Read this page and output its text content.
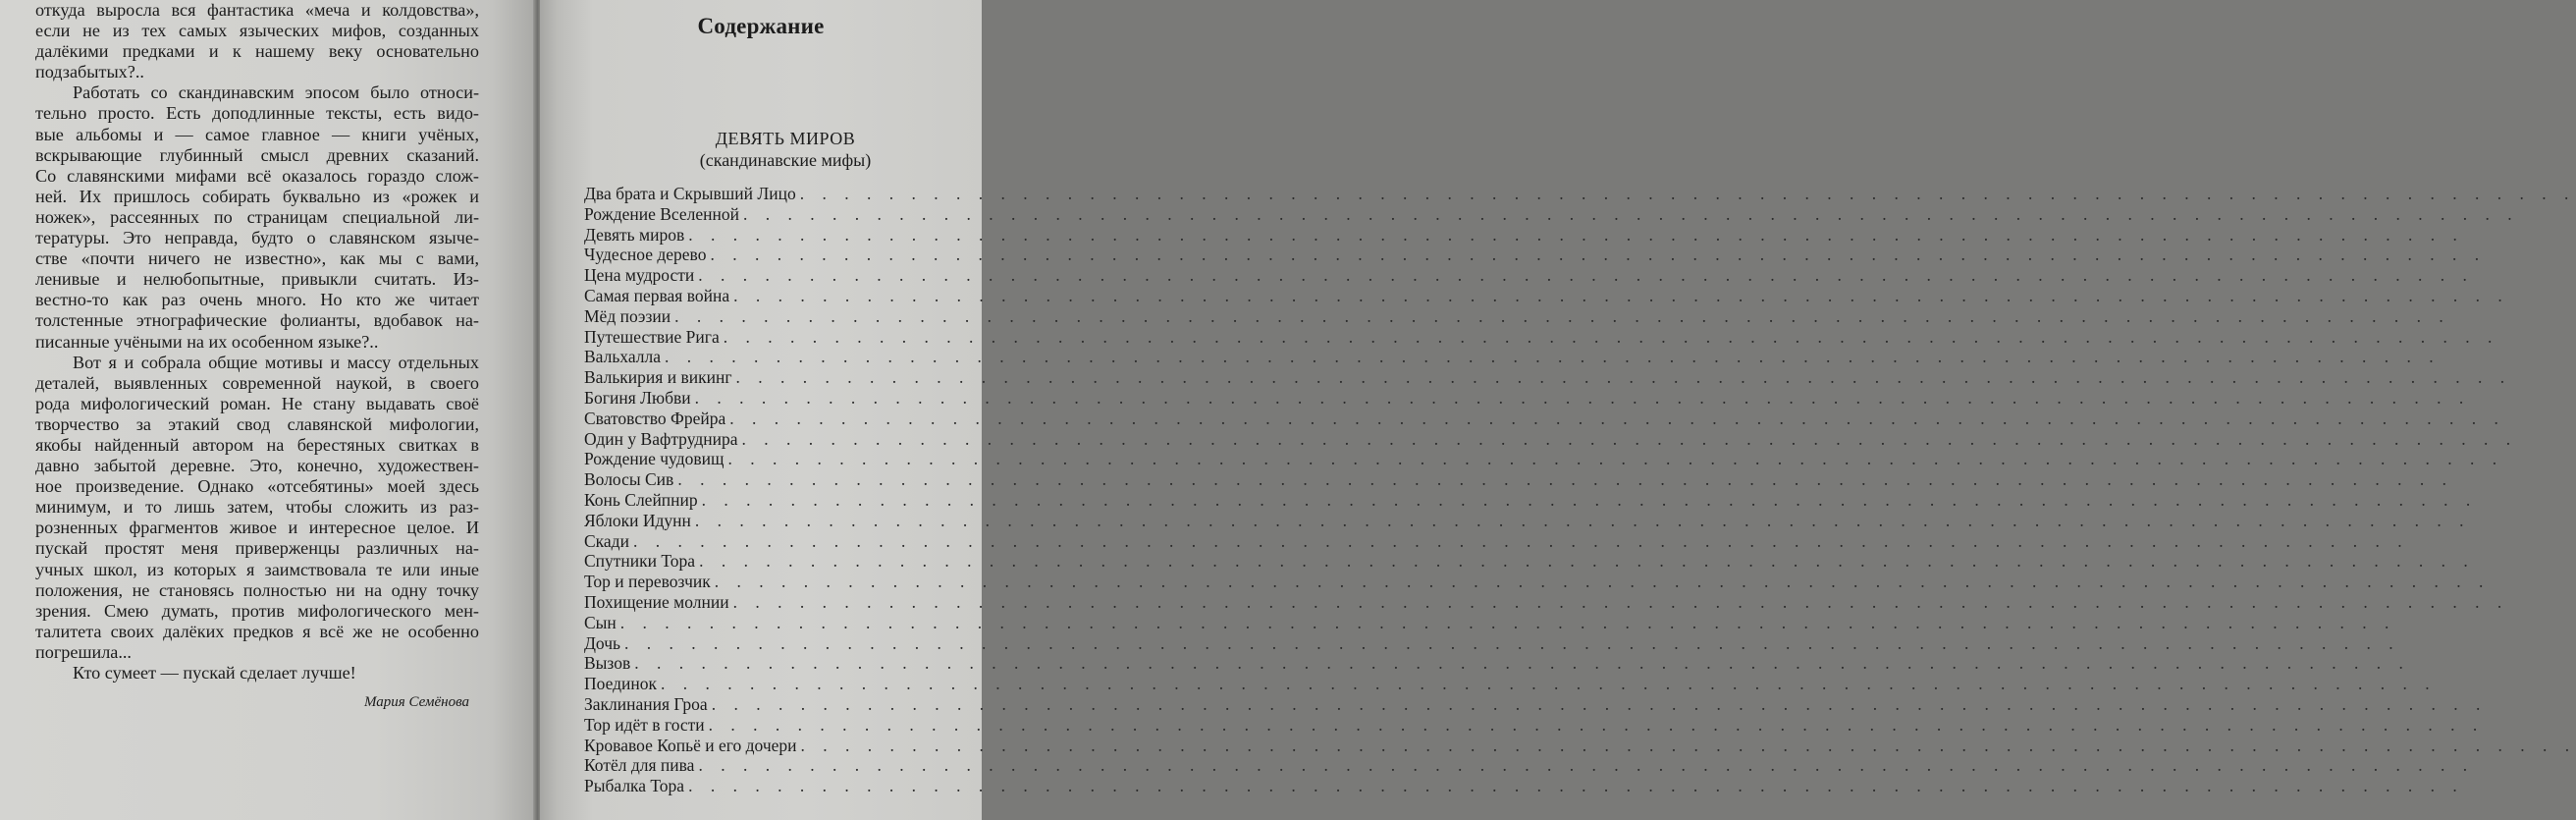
откуда выросла вся фантастика «меча и колдовства»,
если не из тех самых языческих мифов, созданных
далёкими предками и к нашему веку основательно
подзабытых?..
Работать со скандинавским эпосом было относи-
тельно просто. Есть доподлинные тексты, есть видо-
вые альбомы и — самое главное — книги учёных,
вскрывающие глубинный смысл древних сказаний.
Со славянскими мифами всё оказалось гораздо слож-
ней. Их пришлось собирать буквально из «рожек и
ножек», рассеянных по страницам специальной ли-
тературы. Это неправда, будто о славянском язычe-
стве «почти ничего не известно», как мы с вами,
ленивые и нелюбопытные, привыкли считать. Из-
вестно-то как раз очень много. Но кто же читает
толстенные этнографические фолианты, вдобавок на-
писанные учёными на их особенном языке?..
Вот я и собрала общие мотивы и массу отдельных
деталей, выявленных современной наукой, в своего
рода мифологический роман. Не стану выдавать своё
творчество за этакий свод славянской мифологии,
якобы найденный автором на берестяных свитках в
давно забытой деревне. Это, конечно, художествен-
ное произведение. Однако «отсебятины» моей здесь
минимум, и то лишь затем, чтобы сложить из раз-
розненных фрагментов живое и интересное целое. И
пускай простят меня приверженцы различных на-
учных школ, из которых я заимствовала те или иные
положения, не становясь полностью ни на одну точку
зрения. Смею думать, против мифологического мен-
талитета своих далёких предков я всё же не особенно
погрешила...
Кто сумеет — пускай сделает лучше!
Мария Семёнова
Содержание
ДЕВЯТЬ МИРОВ
(скандинавские мифы)
Два брата и Скрывший Лицо . . . . . . . . . . . . . . . . . . . . . . . . . . . . . . . . . . . . . . . . . . . . . . . . . . . . . . . . . . . . . . . . . . . . . . . . . . . . . . . .
Рождение Вселенной . . . . . . . . . . . . . . . . . . . . . . . . . . . . . . . . . . . . . . . . . . . . . . . . . . . . . . . . . . . . . . . . . . . . . . . . . . . . . . . .
Девять миров . . . . . . . . . . . . . . . . . . . . . . . . . . . . . . . . . . . . . . . . . . . . . . . . . . . . . . . . . . . . . . . . . . . . . . . . . . . . . . . .
Чудесное дерево . . . . . . . . . . . . . . . . . . . . . . . . . . . . . . . . . . . . . . . . . . . . . . . . . . . . . . . . . . . . . . . . . . . . . . . . . . . . . . . .
Цена мудрости . . . . . . . . . . . . . . . . . . . . . . . . . . . . . . . . . . . . . . . . . . . . . . . . . . . . . . . . . . . . . . . . . . . . . . . . . . . . . . . .
Самая первая война . . . . . . . . . . . . . . . . . . . . . . . . . . . . . . . . . . . . . . . . . . . . . . . . . . . . . . . . . . . . . . . . . . . . . . . . . . . . . . . .
Мёд поэзии . . . . . . . . . . . . . . . . . . . . . . . . . . . . . . . . . . . . . . . . . . . . . . . . . . . . . . . . . . . . . . . . . . . . . . . . . . . . . . . .
Путешествие Рига . . . . . . . . . . . . . . . . . . . . . . . . . . . . . . . . . . . . . . . . . . . . . . . . . . . . . . . . . . . . . . . . . . . . . . . . . . . . . . . .
Вальхалла . . . . . . . . . . . . . . . . . . . . . . . . . . . . . . . . . . . . . . . . . . . . . . . . . . . . . . . . . . . . . . . . . . . . . . . . . . . . . . . .
Валькирия и викинг . . . . . . . . . . . . . . . . . . . . . . . . . . . . . . . . . . . . . . . . . . . . . . . . . . . . . . . . . . . . . . . . . . . . . . . . . . . . . . . .
Богиня Любви . . . . . . . . . . . . . . . . . . . . . . . . . . . . . . . . . . . . . . . . . . . . . . . . . . . . . . . . . . . . . . . . . . . . . . . . . . . . . . . .
Сватовство Фрейра . . . . . . . . . . . . . . . . . . . . . . . . . . . . . . . . . . . . . . . . . . . . . . . . . . . . . . . . . . . . . . . . . . . . . . . . . . . . . . . .
Один у Вафтруднира . . . . . . . . . . . . . . . . . . . . . . . . . . . . . . . . . . . . . . . . . . . . . . . . . . . . . . . . . . . . . . . . . . . . . . . . . . . . . . . .
Рождение чудовищ . . . . . . . . . . . . . . . . . . . . . . . . . . . . . . . . . . . . . . . . . . . . . . . . . . . . . . . . . . . . . . . . . . . . . . . . . . . . . . . .
Волосы Сив . . . . . . . . . . . . . . . . . . . . . . . . . . . . . . . . . . . . . . . . . . . . . . . . . . . . . . . . . . . . . . . . . . . . . . . . . . . . . . . .
Конь Слейпнир . . . . . . . . . . . . . . . . . . . . . . . . . . . . . . . . . . . . . . . . . . . . . . . . . . . . . . . . . . . . . . . . . . . . . . . . . . . . . . . .
Яблоки Идунн . . . . . . . . . . . . . . . . . . . . . . . . . . . . . . . . . . . . . . . . . . . . . . . . . . . . . . . . . . . . . . . . . . . . . . . . . . . . . . . .
Скади . . . . . . . . . . . . . . . . . . . . . . . . . . . . . . . . . . . . . . . . . . . . . . . . . . . . . . . . . . . . . . . . . . . . . . . . . . . . . . . .
Спутники Тора . . . . . . . . . . . . . . . . . . . . . . . . . . . . . . . . . . . . . . . . . . . . . . . . . . . . . . . . . . . . . . . . . . . . . . . . . . . . . . . .
Тор и перевозчик . . . . . . . . . . . . . . . . . . . . . . . . . . . . . . . . . . . . . . . . . . . . . . . . . . . . . . . . . . . . . . . . . . . . . . . . . . . . . . . .
Похищение молнии . . . . . . . . . . . . . . . . . . . . . . . . . . . . . . . . . . . . . . . . . . . . . . . . . . . . . . . . . . . . . . . . . . . . . . . . . . . . . . . .
Сын . . . . . . . . . . . . . . . . . . . . . . . . . . . . . . . . . . . . . . . . . . . . . . . . . . . . . . . . . . . . . . . . . . . . . . . . . . . . . . . .
Дочь . . . . . . . . . . . . . . . . . . . . . . . . . . . . . . . . . . . . . . . . . . . . . . . . . . . . . . . . . . . . . . . . . . . . . . . . . . . . . . . .
Вызов . . . . . . . . . . . . . . . . . . . . . . . . . . . . . . . . . . . . . . . . . . . . . . . . . . . . . . . . . . . . . . . . . . . . . . . . . . . . . . . .
Поединок . . . . . . . . . . . . . . . . . . . . . . . . . . . . . . . . . . . . . . . . . . . . . . . . . . . . . . . . . . . . . . . . . . . . . . . . . . . . . . . .
Заклинания Гроа . . . . . . . . . . . . . . . . . . . . . . . . . . . . . . . . . . . . . . . . . . . . . . . . . . . . . . . . . . . . . . . . . . . . . . . . . . . . . . . .
Тор идёт в гости . . . . . . . . . . . . . . . . . . . . . . . . . . . . . . . . . . . . . . . . . . . . . . . . . . . . . . . . . . . . . . . . . . . . . . . . . . . . . . . .
Кровавое Копьё и его дочери . . . . . . . . . . . . . . . . . . . . . . . . . . . . . . . . . . . . . . . . . . . . . . . . . . . . . . . . . . . . . . . . . . . . . . . . . . . . . . . .
Котёл для пива . . . . . . . . . . . . . . . . . . . . . . . . . . . . . . . . . . . . . . . . . . . . . . . . . . . . . . . . . . . . . . . . . . . . . . . . . . . . . . . .
Рыбалка Тора . . . . . . . . . . . . . . . . . . . . . . . . . . . . . . . . . . . . . . . . . . . . . . . . . . . . . . . . . . . . . . . . . . . . . . . . . . . . . . . .
